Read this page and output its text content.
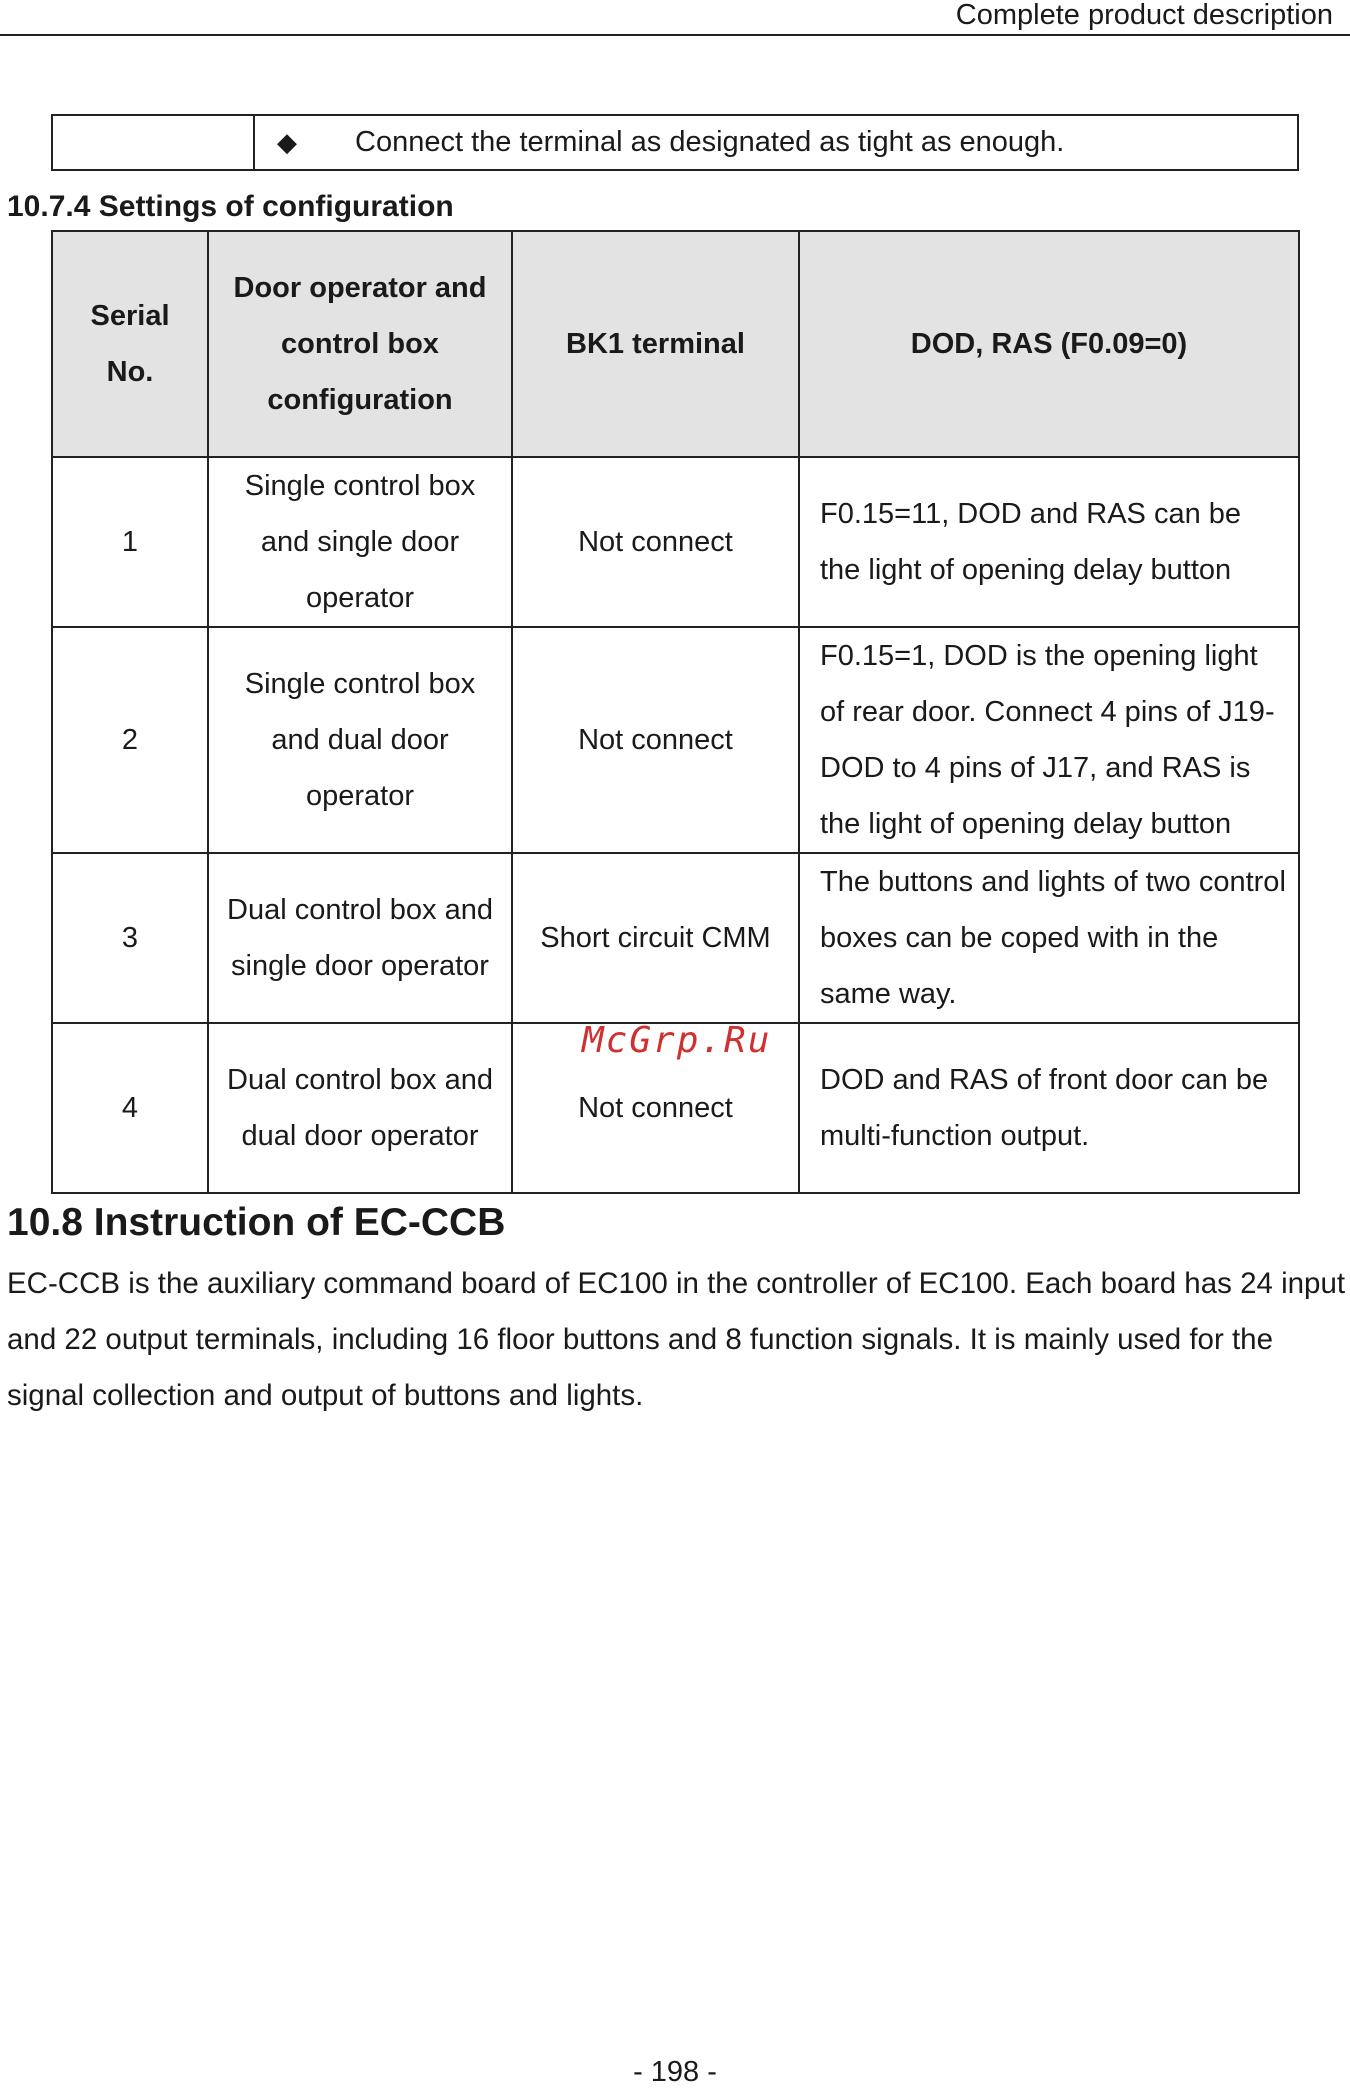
Complete product description
◆	Connect the terminal as designated as tight as enough.
10.7.4 Settings of configuration
Serial No.	Door operator and control box configuration	BK1 terminal	DOD, RAS (F0.09=0)
1	Single control box and single door operator	Not connect	F0.15=11, DOD and RAS can be the light of opening delay button
2	Single control box and dual door operator	Not connect	F0.15=1, DOD is the opening light of rear door. Connect 4 pins of J19-DOD to 4 pins of J17, and RAS is the light of opening delay button
3	Dual control box and single door operator	Short circuit CMM	The buttons and lights of two control boxes can be coped with in the same way.
4	Dual control box and dual door operator	Not connect	DOD and RAS of front door can be multi-function output.
McGrp.Ru
10.8 Instruction of EC-CCB
EC-CCB is the auxiliary command board of EC100 in the controller of EC100. Each board has 24 input and 22 output terminals, including 16 floor buttons and 8 function signals. It is mainly used for the signal collection and output of buttons and lights.
- 198 -
